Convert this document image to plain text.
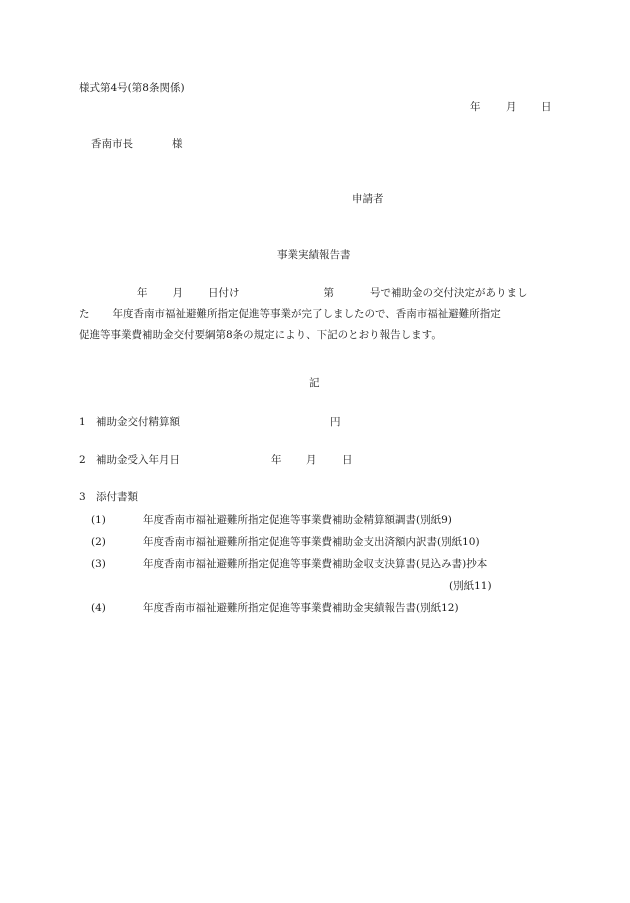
様式第4号(第8条関係)
年 月 日
香南市長	様
申請者
事業実績報告書
年 月 日付け	第	号で補助金の交付決定がありまし
た 年度香南市福祉避難所指定促進等事業が完了しましたので、香南市福祉避難所指定
促進等事業費補助金交付要綱第8条の規定により、下記のとおり報告します。
記
1 補助金交付精算額	円
2 補助金受入年月日	年 月 日
3 添付書類
(1)	年度香南市福祉避難所指定促進等事業費補助金精算額調書(別紙9)
(2)	年度香南市福祉避難所指定促進等事業費補助金支出済額内訳書(別紙10)
(3)	年度香南市福祉避難所指定促進等事業費補助金収支決算書(見込み書)抄本
(別紙11)
(4)	年度香南市福祉避難所指定促進等事業費補助金実績報告書(別紙12)
